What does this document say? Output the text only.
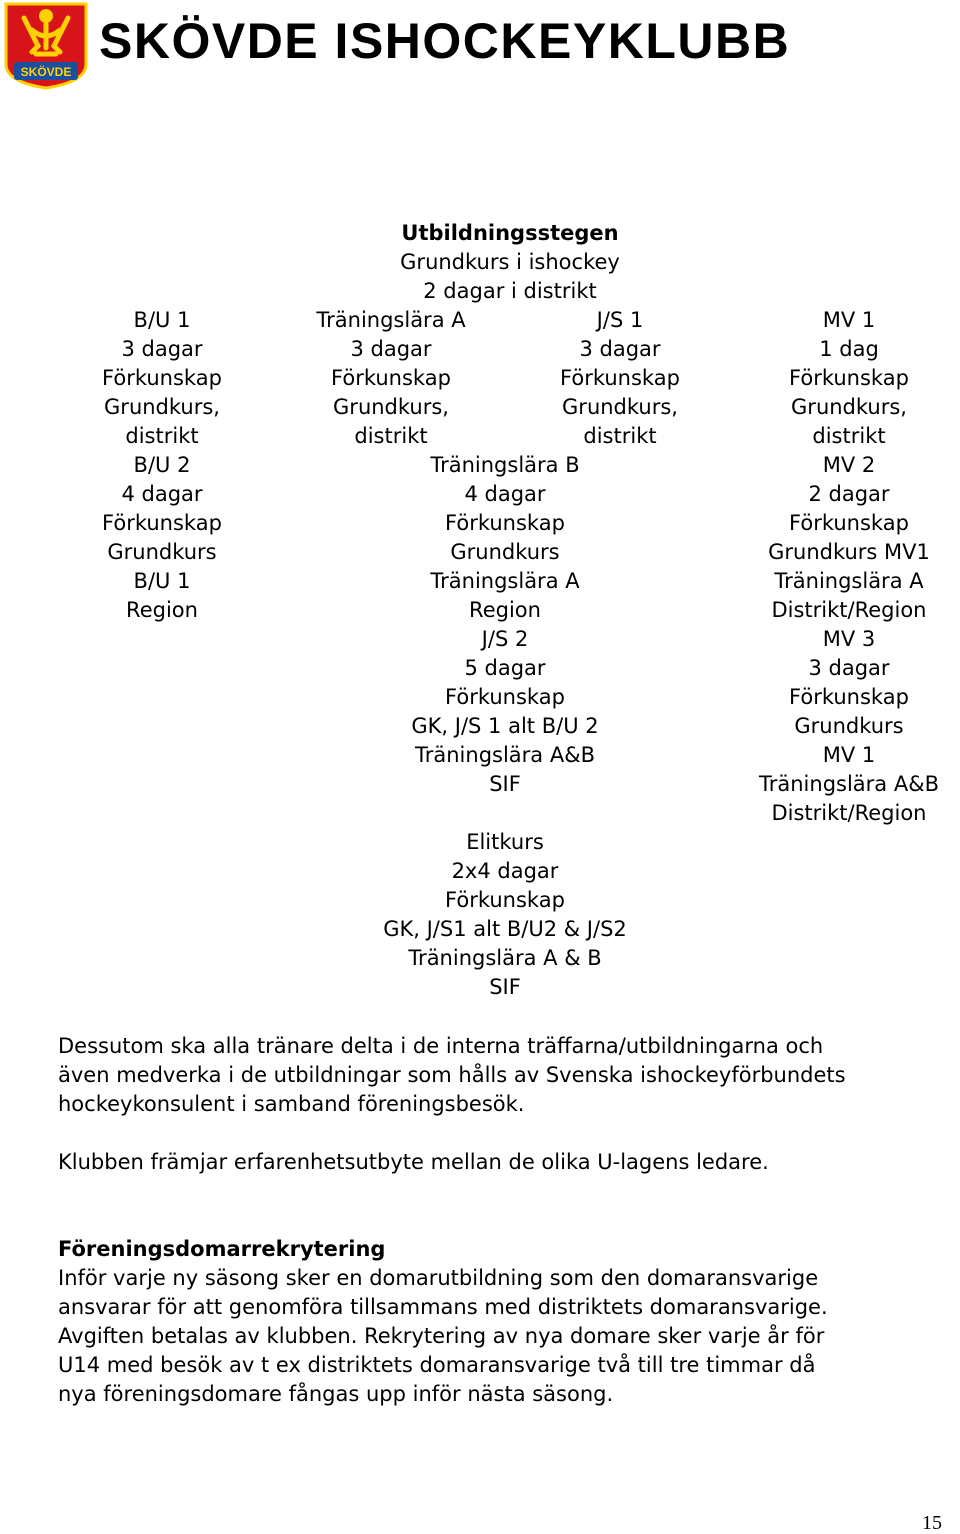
SKÖVDE
SKÖVDE ISHOCKEYKLUBB
Utbildningsstegen
Grundkurs i ishockey
2 dagar i distrikt
B/U 1
3 dagar
Förkunskap
Grundkurs,
distrikt
B/U 2
4 dagar
Förkunskap
Grundkurs
B/U 1
Region
Träningslära A
3 dagar
Förkunskap
Grundkurs,
distrikt
J/S 1
3 dagar
Förkunskap
Grundkurs,
distrikt
Träningslära B
4 dagar
Förkunskap
Grundkurs
Träningslära A
Region
J/S 2
5 dagar
Förkunskap
GK, J/S 1 alt B/U 2
Träningslära A&B
SIF
Elitkurs
2x4 dagar
Förkunskap
GK, J/S1 alt B/U2 & J/S2
Träningslära A & B
SIF
MV 1
1 dag
Förkunskap
Grundkurs,
distrikt
MV 2
2 dagar
Förkunskap
Grundkurs MV1
Träningslära A
Distrikt/Region
MV 3
3 dagar
Förkunskap
Grundkurs
MV 1
Träningslära A&B
Distrikt/Region
Dessutom ska alla tränare delta i de interna träffarna/utbildningarna och
även medverka i de utbildningar som hålls av Svenska ishockeyförbundets
hockeykonsulent i samband föreningsbesök.
Klubben främjar erfarenhetsutbyte mellan de olika U-lagens ledare.
Föreningsdomarrekrytering
Inför varje ny säsong sker en domarutbildning som den domaransvarige
ansvarar för att genomföra tillsammans med distriktets domaransvarige.
Avgiften betalas av klubben. Rekrytering av nya domare sker varje år för
U14 med besök av t ex distriktets domaransvarige två till tre timmar då
nya föreningsdomare fångas upp inför nästa säsong.
15
